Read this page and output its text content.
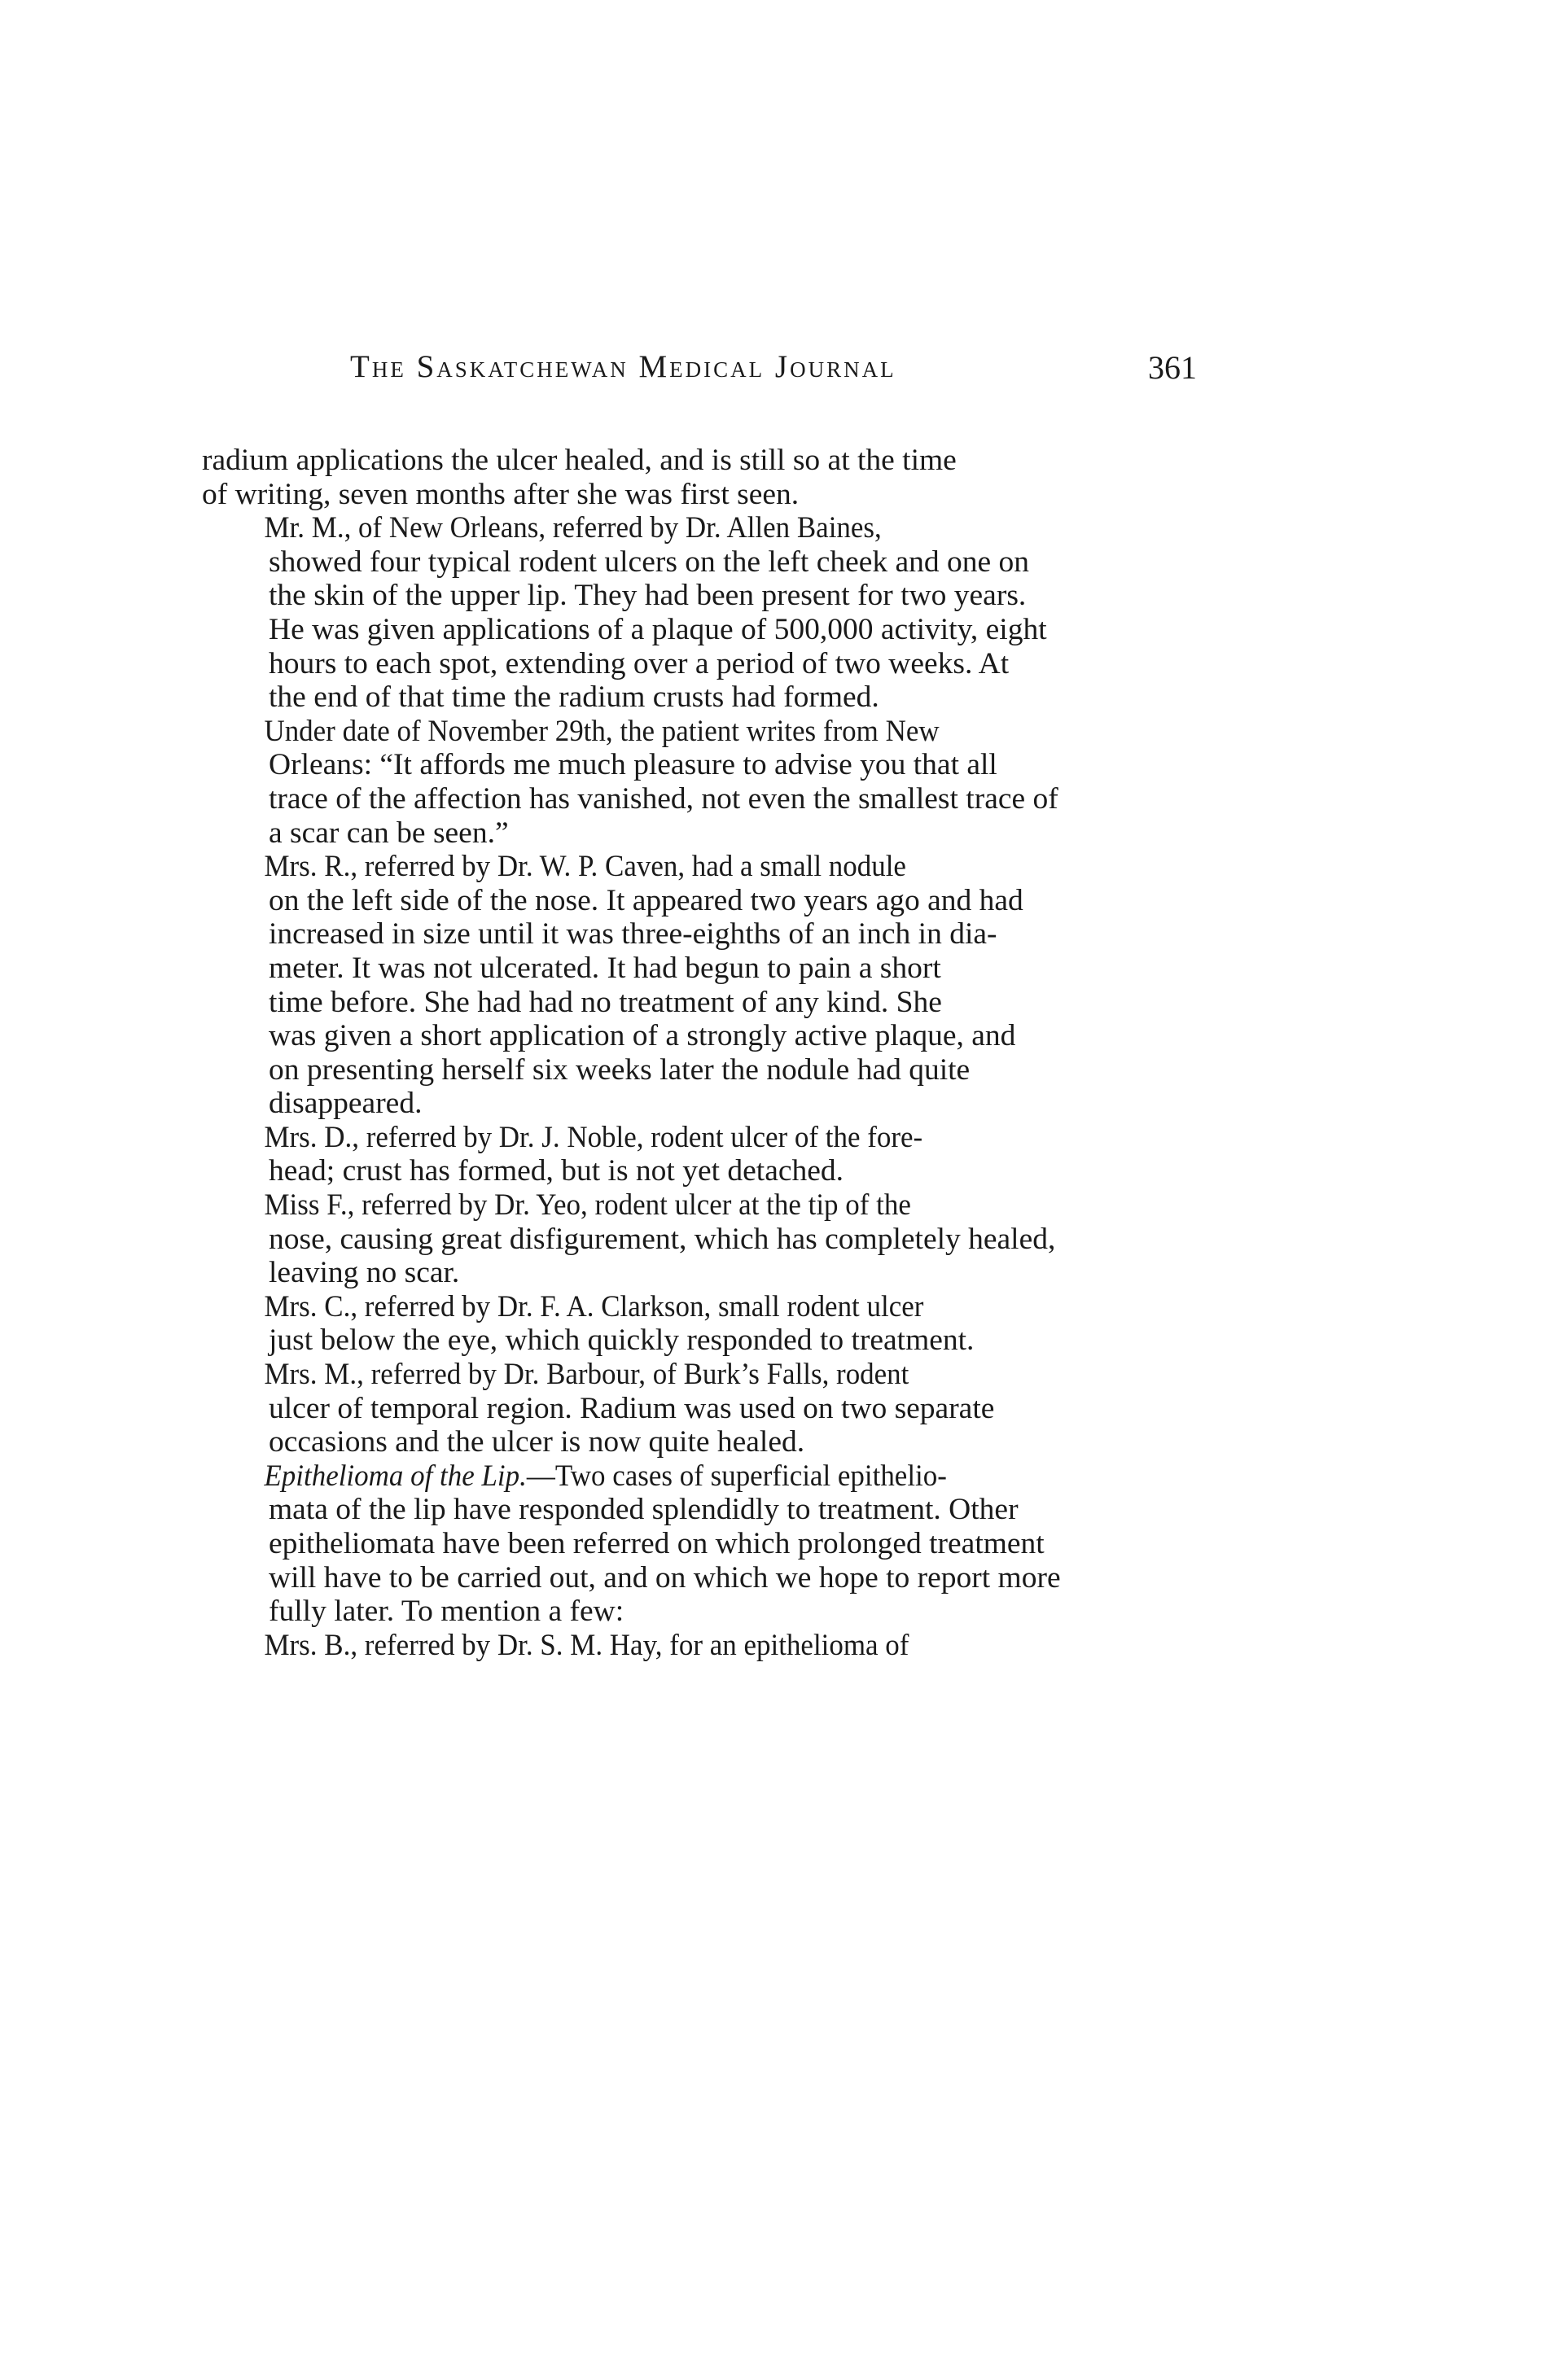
The Saskatchewan Medical Journal	361
radium applications the ulcer healed, and is still so at the time
of writing, seven months after she was first seen.
Mr. M., of New Orleans, referred by Dr. Allen Baines,
showed four typical rodent ulcers on the left cheek and one on
the skin of the upper lip. They had been present for two years.
He was given applications of a plaque of 500,000 activity, eight
hours to each spot, extending over a period of two weeks. At
the end of that time the radium crusts had formed.
Under date of November 29th, the patient writes from New
Orleans: “It affords me much pleasure to advise you that all
trace of the affection has vanished, not even the smallest trace of
a scar can be seen.”
Mrs. R., referred by Dr. W. P. Caven, had a small nodule
on the left side of the nose. It appeared two years ago and had
increased in size until it was three-eighths of an inch in dia-
meter. It was not ulcerated. It had begun to pain a short
time before. She had had no treatment of any kind. She
was given a short application of a strongly active plaque, and
on presenting herself six weeks later the nodule had quite
disappeared.
Mrs. D., referred by Dr. J. Noble, rodent ulcer of the fore-
head; crust has formed, but is not yet detached.
Miss F., referred by Dr. Yeo, rodent ulcer at the tip of the
nose, causing great disfigurement, which has completely healed,
leaving no scar.
Mrs. C., referred by Dr. F. A. Clarkson, small rodent ulcer
just below the eye, which quickly responded to treatment.
Mrs. M., referred by Dr. Barbour, of Burk’s Falls, rodent
ulcer of temporal region. Radium was used on two separate
occasions and the ulcer is now quite healed.
Epithelioma of the Lip.—Two cases of superficial epithelio-
mata of the lip have responded splendidly to treatment. Other
epitheliomata have been referred on which prolonged treatment
will have to be carried out, and on which we hope to report more
fully later. To mention a few:
Mrs. B., referred by Dr. S. M. Hay, for an epithelioma of
